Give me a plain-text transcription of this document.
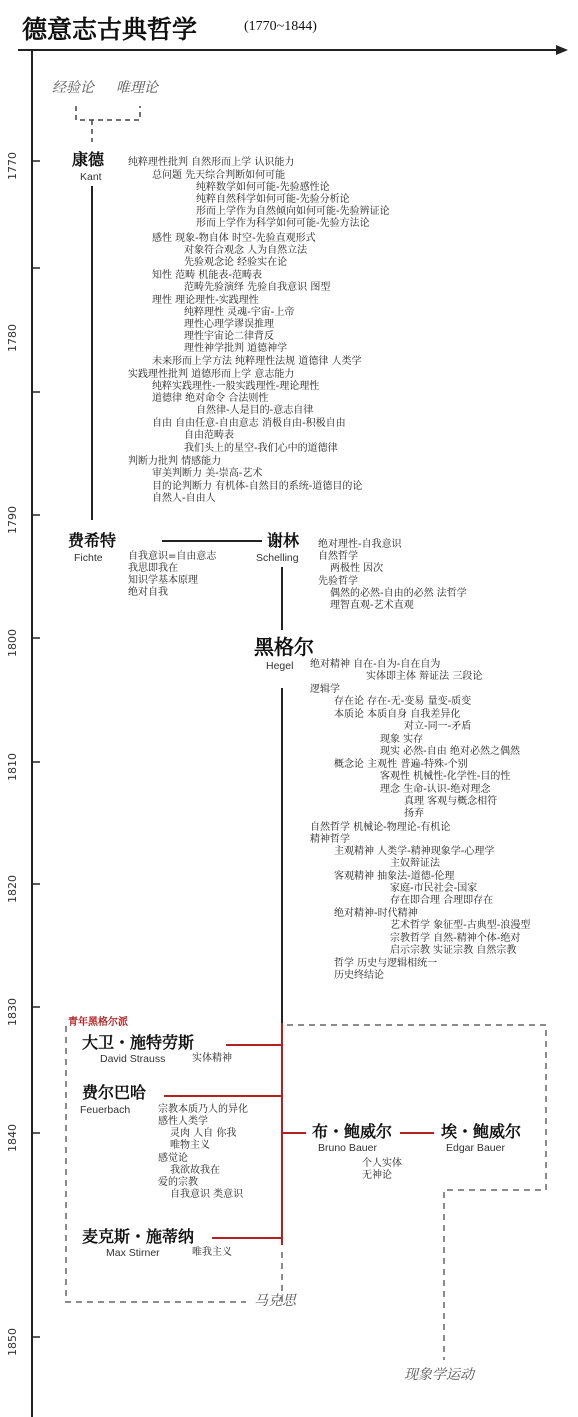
德意志古典哲学	(1770~1844)
1770
1780
1790
1800
1810
1820
1830
1840
1850
经验论 唯理论
康德
Kant
纯粹理性批判 自然形而上学 认识能力
总问题 先天综合判断如何可能
纯粹数学如何可能-先验感性论
纯粹自然科学如何可能-先验分析论
形而上学作为自然倾向如何可能-先验辨证论
形而上学作为科学如何可能-先验方法论
感性 现象-物自体 时空-先验直观形式
对象符合观念 人为自然立法
先验观念论 经验实在论
知性 范畴 机能表-范畴表
范畴先验演绎 先验自我意识 图型
理性 理论理性-实践理性
纯粹理性 灵魂-宇宙-上帝
理性心理学谬误推理
理性宇宙论二律背反
理性神学批判 道德神学
未来形而上学方法 纯粹理性法规 道德律 人类学
实践理性批判 道德形而上学 意志能力
纯粹实践理性-一般实践理性-理论理性
道德律 绝对命令 合法则性
自然律-人是目的-意志自律
自由 自由任意-自由意志 消极自由-积极自由
自由范畴表
我们头上的星空-我们心中的道德律
判断力批判 情感能力
审美判断力 美-崇高-艺术
目的论判断力 有机体-自然目的系统-道德目的论
自然人-自由人
费希特
Fichte	自我意识=自由意志
我思即我在
知识学基本原理
绝对自我
谢林
Schelling
绝对理性-自我意识
自然哲学
两极性 因次
先验哲学
偶然的必然-自由的必然 法哲学
理智直观-艺术直观
黑格尔
Hegel 绝对精神 自在-自为-自在自为
实体即主体 辩证法 三段论
逻辑学
存在论 存在-无-变易 量变-质变
本质论 本质自身 自我差异化
对立-同一-矛盾
现象 实存
现实 必然-自由 绝对必然之偶然
概念论 主观性 普遍-特殊-个别
客观性 机械性-化学性-目的性
理念 生命-认识-绝对理念
真理 客观与概念相符
扬弃
自然哲学 机械论-物理论-有机论
精神哲学
主观精神 人类学-精神现象学-心理学
主奴辩证法
客观精神 抽象法-道德-伦理
家庭-市民社会-国家
存在即合理 合理即存在
绝对精神-时代精神
艺术哲学 象征型-古典型-浪漫型
宗教哲学 自然-精神个体-绝对
启示宗教 实证宗教 自然宗教
哲学 历史与逻辑相统一
历史终结论
青年黑格尔派
大卫・施特劳斯
David Strauss	实体精神
费尔巴哈
Feuerbach	宗教本质乃人的异化
感性人类学
灵肉 人自 你我
唯物主义
感觉论
我欲故我在
爱的宗教
自我意识 类意识
麦克斯・施蒂纳
Max Stirner	唯我主义
布・鲍威尔
Bruno Bauer
个人实体
无神论
埃・鲍威尔
Edgar Bauer
马克思
现象学运动
